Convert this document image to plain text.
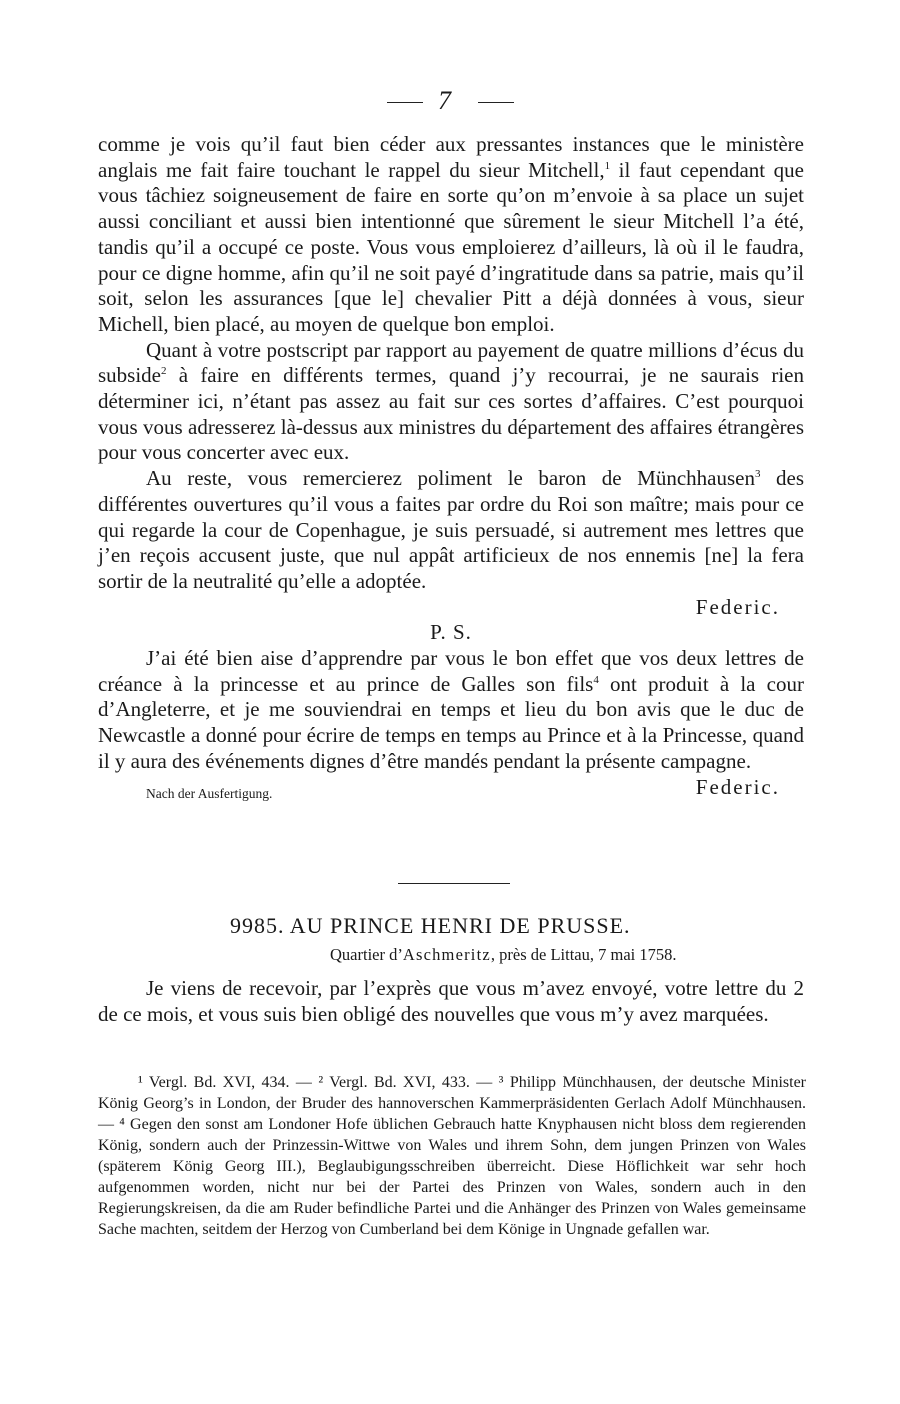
7

comme je vois qu’il faut bien céder aux pressantes instances que le ministère anglais me fait faire touchant le rappel du sieur Mitchell,$^1$ il faut cependant que vous tâchiez soigneusement de faire en sorte qu’on m’envoie à sa place un sujet aussi conciliant et aussi bien intentionné que sûrement le sieur Mitchell l’a été, tandis qu’il a occupé ce poste. Vous vous emploierez d’ailleurs, là où il le faudra, pour ce digne homme, afin qu’il ne soit payé d’ingratitude dans sa patrie, mais qu’il soit, selon les assurances [que le] chevalier Pitt a déjà données à vous, sieur Michell, bien placé, au moyen de quelque bon emploi.

Quant à votre postscript par rapport au payement de quatre millions d’écus du subside$^2$ à faire en différents termes, quand j’y recourrai, je ne saurais rien déterminer ici, n’étant pas assez au fait sur ces sortes d’affaires. C’est pourquoi vous vous adresserez là-dessus aux ministres du département des affaires étrangères pour vous concerter avec eux.

Au reste, vous remercierez poliment le baron de Münchhausen$^3$ des différentes ouvertures qu’il vous a faites par ordre du Roi son maître; mais pour ce qui regarde la cour de Copenhague, je suis persuadé, si autrement mes lettres que j’en reçois accusent juste, que nul appât artificieux de nos ennemis [ne] la fera sortir de la neutralité qu’elle a adoptée.

Federic.

P. S.

J’ai été bien aise d’apprendre par vous le bon effet que vos deux lettres de créance à la princesse et au prince de Galles son fils$^4$ ont produit à la cour d’Angleterre, et je me souviendrai en temps et lieu du bon avis que le duc de Newcastle a donné pour écrire de temps en temps au Prince et à la Princesse, quand il y aura des événements dignes d’être mandés pendant la présente campagne.

Nach der Ausfertigung.	Federic.
9985. AU PRINCE HENRI DE PRUSSE.
Quartier d’Aschmeritz, près de Littau, 7 mai 1758.

Je viens de recevoir, par l’exprès que vous m’avez envoyé, votre lettre du 2 de ce mois, et vous suis bien obligé des nouvelles que vous m’y avez marquées.

¹ Vergl. Bd. XVI, 434. — ² Vergl. Bd. XVI, 433. — ³ Philipp Münchhausen, der deutsche Minister König Georg’s in London, der Bruder des hannoverschen Kammerpräsidenten Gerlach Adolf Münchhausen. — ⁴ Gegen den sonst am Londoner Hofe üblichen Gebrauch hatte Knyphausen nicht bloss dem regierenden König, sondern auch der Prinzessin-Wittwe von Wales und ihrem Sohn, dem jungen Prinzen von Wales (späterem König Georg III.), Beglaubigungsschreiben überreicht. Diese Höflichkeit war sehr hoch aufgenommen worden, nicht nur bei der Partei des Prinzen von Wales, sondern auch in den Regierungskreisen, da die am Ruder befindliche Partei und die Anhänger des Prinzen von Wales gemeinsame Sache machten, seitdem der Herzog von Cumberland bei dem Könige in Ungnade gefallen war.
